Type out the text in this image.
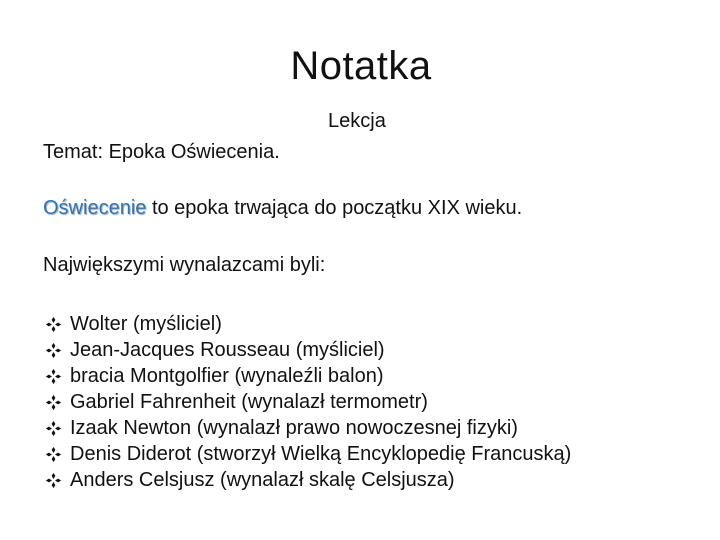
Notatka
Lekcja
Temat: Epoka Oświecenia.
Oświecenie to epoka trwająca do początku XIX wieku.
Największymi wynalazcami byli:
Wolter (myśliciel)
Jean-Jacques Rousseau (myśliciel)
bracia Montgolfier (wynaleźli balon)
Gabriel Fahrenheit (wynalazł termometr)
Izaak Newton (wynalazł prawo nowoczesnej fizyki)
Denis Diderot (stworzył Wielką Encyklopedię Francuską)
Anders Celsjusz (wynalazł skalę Celsjusza)
